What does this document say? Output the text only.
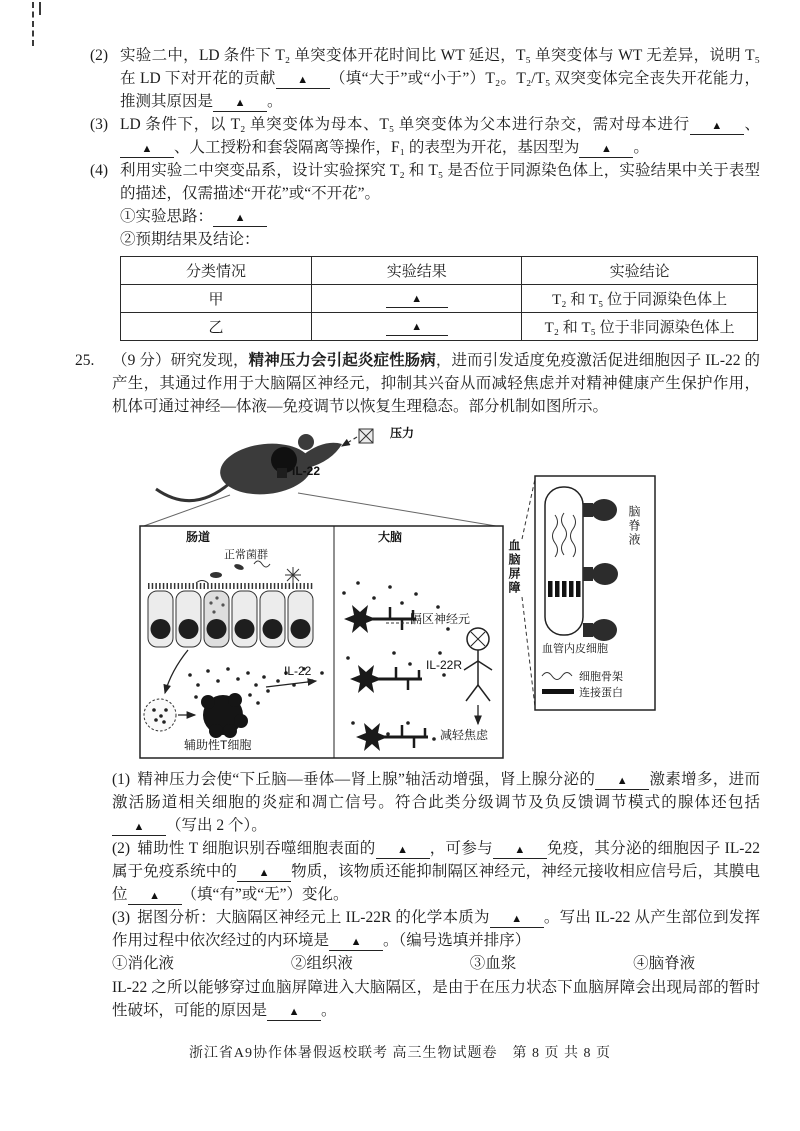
(2) 实验二中，LD 条件下 T₂ 单突变体开花时间比 WT 延迟，T₅ 单突变体与 WT 无差异，说明 T₅ 在 LD 下对开花的贡献 ▲ （填“大于”或“小于”）T₂。T₂/T₅ 双突变体完全丧失开花能力，推测其原因是 ▲ 。
(3) LD 条件下，以 T₂ 单突变体为母本、T₅ 单突变体为父本进行杂交，需对母本进行 ▲ 、▲ 、人工授粉和套袋隔离等操作，F₁ 的表型为开花，基因型为 ▲ 。
(4) 利用实验二中突变品系，设计实验探究 T₂ 和 T₅ 是否位于同源染色体上，实验结果中关于表型的描述，仅需描述“开花”或“不开花”。
①实验思路： ▲
②预期结果及结论：
分类情况	实验结果	实验结论
甲	▲	T₂ 和 T₅ 位于同源染色体上
乙	▲	T₂ 和 T₅ 位于非同源染色体上
25.	（9 分）研究发现，精神压力会引起炎症性肠病，进而引发适度免疫激活促进细胞因子 IL-22 的产生，其通过作用于大脑隔区神经元，抑制其兴奋从而减轻焦虑并对精神健康产生保护作用，机体可通过神经—体液—免疫调节以恢复生理稳态。部分机制如图所示。

压力
IL-22
肠道
正常菌群
大脑
血脑屏障
隔区神经元
IL-22	IL-22R
辅助性T细胞
减轻焦虑
脑脊液
血管内皮细胞
细胞骨架
连接蛋白

(1) 精神压力会使“下丘脑—垂体—肾上腺”轴活动增强，肾上腺分泌的 ▲ 激素增多，进而激活肠道相关细胞的炎症和凋亡信号。符合此类分级调节及负反馈调节模式的腺体还包括▲ （写出 2 个）。

(2) 辅助性 T 细胞识别吞噬细胞表面的 ▲ ，可参与 ▲ 免疫，其分泌的细胞因子 IL-22 属于免疫系统中的 ▲ 物质，该物质还能抑制隔区神经元，神经元接收相应信号后，其膜电位 ▲ （填“有”或“无”）变化。

(3) 据图分析：大脑隔区神经元上 IL-22R 的化学本质为 ▲ 。写出 IL-22 从产生部位到发挥作用过程中依次经过的内环境是 ▲ 。（编号选填并排序）

①消化液	②组织液	③血浆	④脑脊液

IL-22 之所以能够穿过血脑屏障进入大脑隔区，是由于在压力状态下血脑屏障会出现局部的暂时性破坏，可能的原因是 ▲ 。

浙江省A9协作体暑假返校联考 高三生物试题卷　第 8 页 共 8 页
